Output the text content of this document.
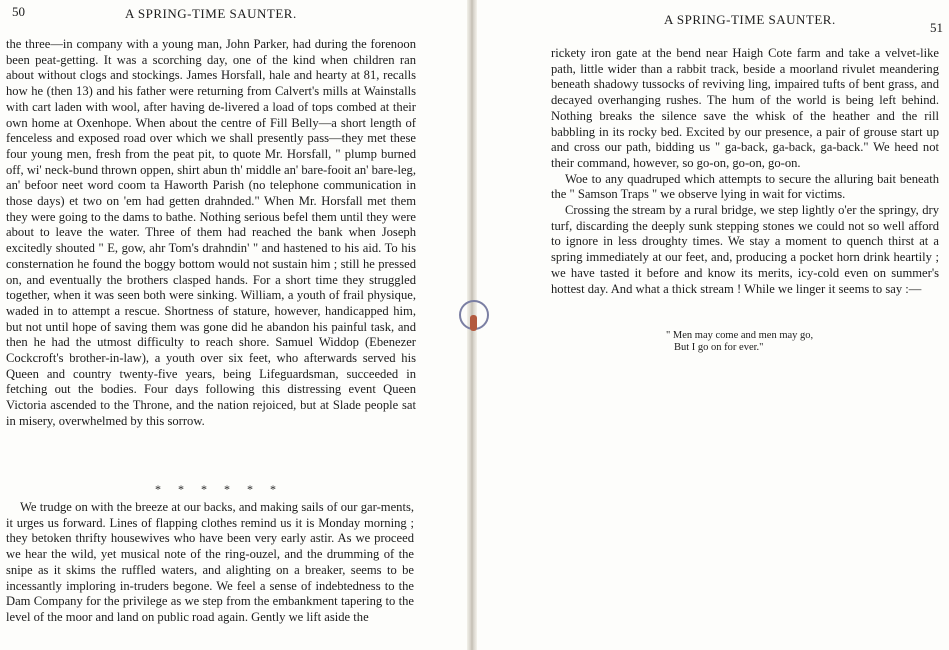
50	A SPRING-TIME SAUNTER.

the three—in company with a young man, John Parker, had during the forenoon been peat-getting. It was a scorching day, one of the kind when children ran about without clogs and stockings. James Horsfall, hale and hearty at 81, recalls how he (then 13) and his father were returning from Calvert's mills at Wainstalls with cart laden with wool, after having de-livered a load of tops combed at their own home at Oxenhope. When about the centre of Fill Belly—a short length of fenceless and exposed road over which we shall presently pass—they met these four young men, fresh from the peat pit, to quote Mr. Horsfall, " plump burned off, wi' neck-bund thrown oppen, shirt abun th' middle an' bare-fooit an' bare-leg, an' befoor neet word coom ta Haworth Parish (no telephone communication in those days) et two on 'em had getten drahnded." When Mr. Horsfall met them they were going to the dams to bathe. Nothing serious befel them until they were about to leave the water. Three of them had reached the bank when Joseph excitedly shouted " E, gow, ahr Tom's drahndin' " and hastened to his aid. To his consternation he found the boggy bottom would not sustain him ; still he pressed on, and eventually the brothers clasped hands. For a short time they struggled together, when it was seen both were sinking. William, a youth of frail physique, waded in to attempt a rescue. Shortness of stature, however, handicapped him, but not until hope of saving them was gone did he abandon his painful task, and then he had the utmost difficulty to reach shore. Samuel Widdop (Ebenezer Cockcroft's brother-in-law), a youth over six feet, who afterwards served his Queen and country twenty-five years, being Lifeguardsman, succeeded in fetching out the bodies. Four days following this distressing event Queen Victoria ascended to the Throne, and the nation rejoiced, but at Slade people sat in misery, overwhelmed by this sorrow.

* * * * * *

We trudge on with the breeze at our backs, and making sails of our gar-ments, it urges us forward. Lines of flapping clothes remind us it is Monday morning ; they betoken thrifty housewives who have been very early astir. As we proceed we hear the wild, yet musical note of the ring-ouzel, and the drumming of the snipe as it skims the ruffled waters, and alighting on a breaker, seems to be incessantly imploring in-truders begone. We feel a sense of indebtedness to the Dam Company for the privilege as we step from the embankment tapering to the level of the moor and land on public road again. Gently we lift aside the

A SPRING-TIME SAUNTER.
51

rickety iron gate at the bend near Haigh Cote farm and take a velvet-like path, little wider than a rabbit track, beside a moorland rivulet meandering beneath shadowy tussocks of reviving ling, impaired tufts of bent grass, and decayed overhanging rushes. The hum of the world is being left behind. Nothing breaks the silence save the whisk of the heather and the rill babbling in its rocky bed. Excited by our presence, a pair of grouse start up and cross our path, bidding us " ga-back, ga-back, ga-back." We heed not their command, however, so go-on, go-on, go-on.

Woe to any quadruped which attempts to secure the alluring bait beneath the " Samson Traps " we observe lying in wait for victims.

Crossing the stream by a rural bridge, we step lightly o'er the springy, dry turf, discarding the deeply sunk stepping stones we could not so well afford to ignore in less droughty times. We stay a moment to quench thirst at a spring immediately at our feet, and, producing a pocket horn drink heartily ; we have tasted it before and know its merits, icy-cold even on summer's hottest day. And what a thick stream ! While we linger it seems to say :—

" Men may come and men may go,
But I go on for ever."
